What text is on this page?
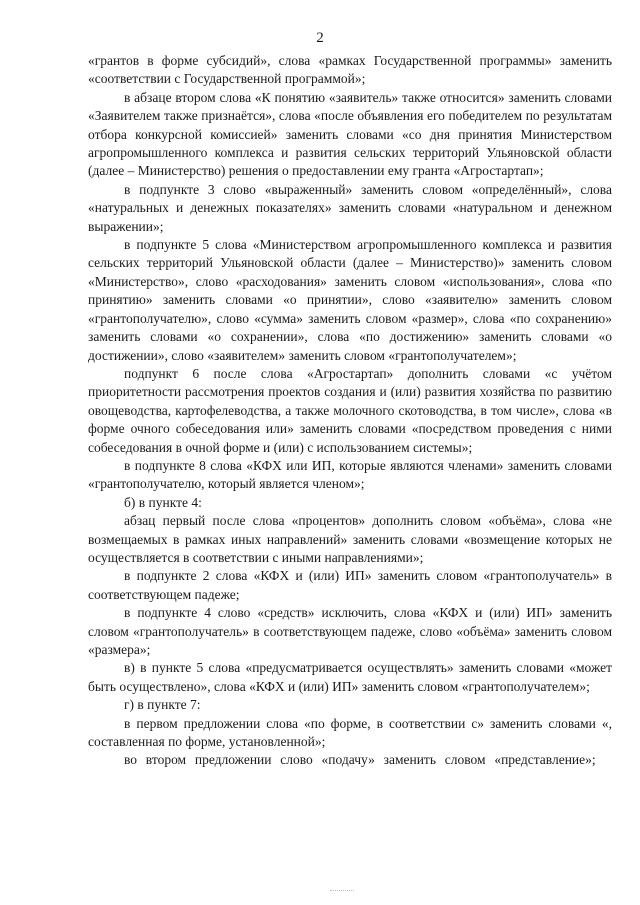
2

«грантов в форме субсидий», слова «рамках Государственной программы» заменить «соответствии с Государственной программой»;

в абзаце втором слова «К понятию «заявитель» также относится» заменить словами «Заявителем также признаётся», слова «после объявления его победителем по результатам отбора конкурсной комиссией» заменить словами «со дня принятия Министерством агропромышленного комплекса и развития сельских территорий Ульяновской области (далее – Министерство) решения о предоставлении ему гранта «Агростартап»;

в подпункте 3 слово «выраженный» заменить словом «определённый», слова «натуральных и денежных показателях» заменить словами «натуральном и денежном выражении»;

в подпункте 5 слова «Министерством агропромышленного комплекса и развития сельских территорий Ульяновской области (далее – Министерство)» заменить словом «Министерство», слово «расходования» заменить словом «использования», слова «по принятию» заменить словами «о принятии», слово «заявителю» заменить словом «грантополучателю», слово «сумма» заменить словом «размер», слова «по сохранению» заменить словами «о сохранении», слова «по достижению» заменить словами «о достижении», слово «заявителем» заменить словом «грантополучателем»;

подпункт 6 после слова «Агростартап» дополнить словами «с учётом приоритетности рассмотрения проектов создания и (или) развития хозяйства по развитию овощеводства, картофелеводства, а также молочного скотоводства, в том числе», слова «в форме очного собеседования или» заменить словами «посредством проведения с ними собеседования в очной форме и (или) с использованием системы»;

в подпункте 8 слова «КФХ или ИП, которые являются членами» заменить словами «грантополучателю, который является членом»;

б) в пункте 4:

абзац первый после слова «процентов» дополнить словом «объёма», слова «не возмещаемых в рамках иных направлений» заменить словами «возмещение которых не осуществляется в соответствии с иными направлениями»;

в подпункте 2 слова «КФХ и (или) ИП» заменить словом «грантополучатель» в соответствующем падеже;

в подпункте 4 слово «средств» исключить, слова «КФХ и (или) ИП» заменить словом «грантополучатель» в соответствующем падеже, слово «объёма» заменить словом «размера»;

в) в пункте 5 слова «предусматривается осуществлять» заменить словами «может быть осуществлено», слова «КФХ и (или) ИП» заменить словом «грантополучателем»;

г) в пункте 7:

в первом предложении слова «по форме, в соответствии с» заменить словами «, составленная по форме, установленной»;

во втором предложении слово «подачу» заменить словом «представление»;
